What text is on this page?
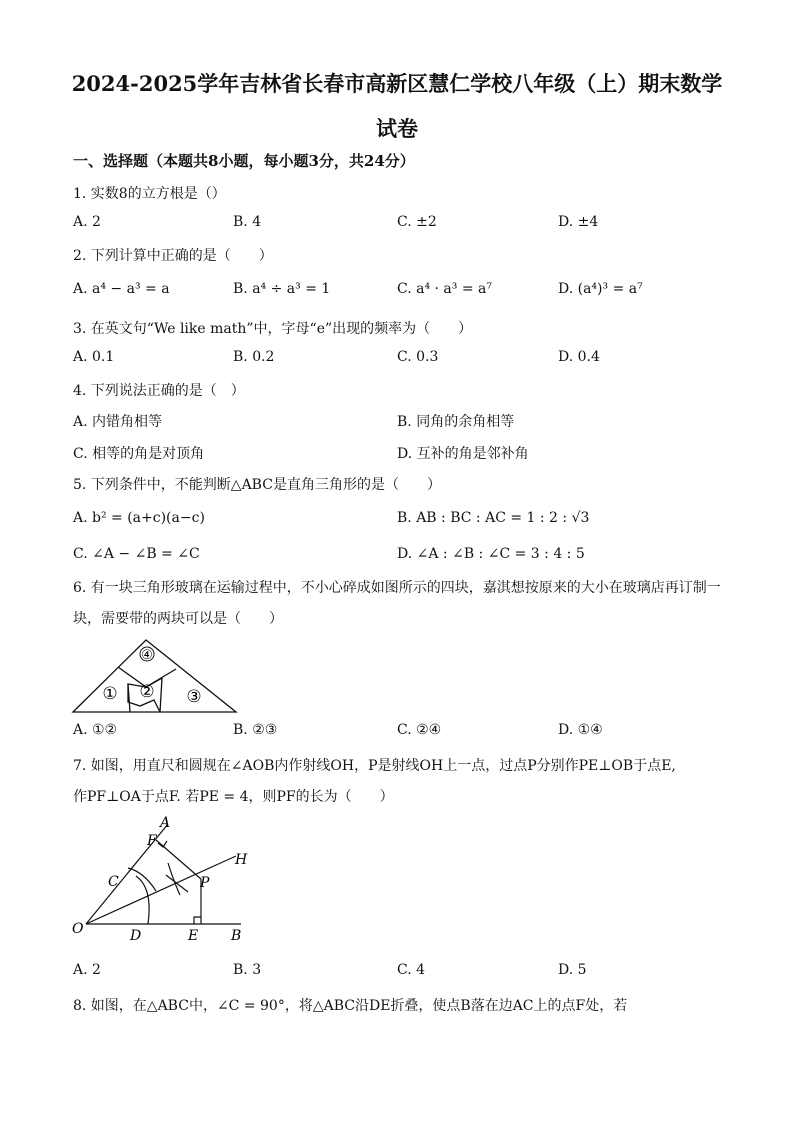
2024-2025学年吉林省长春市高新区慧仁学校八年级（上）期末数学
试卷
一、选择题（本题共8小题，每小题3分，共24分）
1. 实数8的立方根是（）
A. 2	B. 4	C. ±2	D. ±4
2. 下列计算中正确的是（　　）
A. a⁴ − a³ = a	B. a⁴ ÷ a³ = 1	C. a⁴ · a³ = a⁷	D. (a⁴)³ = a⁷
3. 在英文句“We like math”中，字母“e”出现的频率为（　　）
A. 0.1	B. 0.2	C. 0.3	D. 0.4
4. 下列说法正确的是（　）
A. 内错角相等	B. 同角的余角相等
C. 相等的角是对顶角	D. 互补的角是邻补角
5. 下列条件中，不能判断△ABC是直角三角形的是（　　）
A. b² = (a+c)(a−c)	B. AB : BC : AC = 1 : 2 : √3
C. ∠A − ∠B = ∠C	D. ∠A : ∠B : ∠C = 3 : 4 : 5
6. 有一块三角形玻璃在运输过程中，不小心碎成如图所示的四块，嘉淇想按原来的大小在玻璃店再订制一
块，需要带的两块可以是（　　）
④
① ② ③
A. ①②	B. ②③	C. ②④	D. ①④
7. 如图，用直尺和圆规在∠AOB内作射线OH，P是射线OH上一点，过点P分别作PE⊥OB于点E,
作PF⊥OA于点F. 若PE = 4，则PF的长为（　　）
A
F
H
C	P
O	D	E B
A. 2	B. 3	C. 4	D. 5
8. 如图，在△ABC中，∠C = 90°，将△ABC沿DE折叠，使点B落在边AC上的点F处，若
